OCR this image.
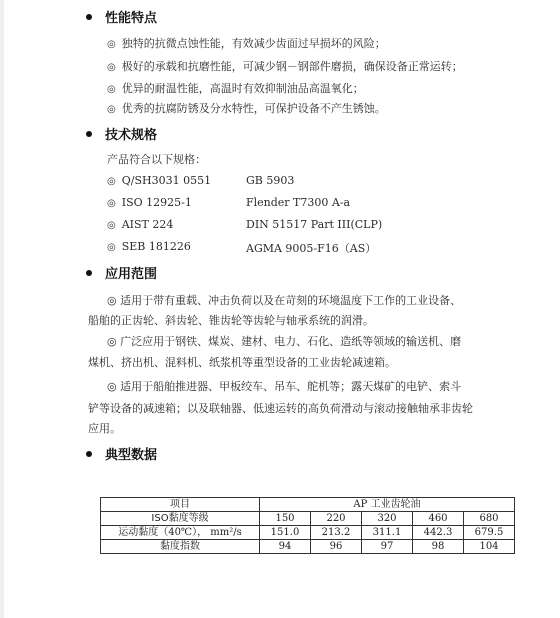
性能特点
◎ 独特的抗微点蚀性能，有效减少齿面过早损坏的风险；
◎ 极好的承载和抗磨性能，可减少钢－钢部件磨损，确保设备正常运转；
◎ 优异的耐温性能，高温时有效抑制油品高温氧化；
◎ 优秀的抗腐防锈及分水特性，可保护设备不产生锈蚀。
技术规格
产品符合以下规格：
◎ Q/SH3031 0551	GB 5903
◎ ISO 12925-1	Flender T7300 A-a
◎ AIST 224	DIN 51517 Part III(CLP)
◎ SEB 181226	AGMA 9005-F16（AS）
应用范围
◎ 适用于带有重载、冲击负荷以及在苛刻的环境温度下工作的工业设备、
船舶的正齿轮、斜齿轮、锥齿轮等齿轮与轴承系统的润滑。
◎ 广泛应用于钢铁、煤炭、建材、电力、石化、造纸等领域的输送机、磨
煤机、挤出机、混料机、纸浆机等重型设备的工业齿轮减速箱。
◎ 适用于船舶推进器、甲板绞车、吊车、舵机等；露天煤矿的电铲、索斗
铲等设备的减速箱；以及联轴器、低速运转的高负荷滑动与滚动接触轴承非齿轮
应用。
典型数据
项目	AP 工业齿轮油				
ISO黏度等级	150	220	320	460	680
运动黏度（40℃）， mm²/s	151.0	213.2	311.1	442.3	679.5
黏度指数	94	96	97	98	104
